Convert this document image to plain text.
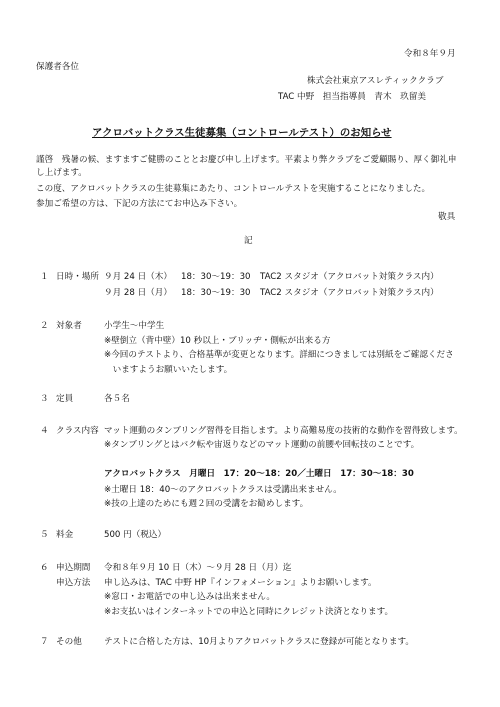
令和８年９月
保護者各位
株式会社東京アスレティッククラブ
TAC 中野　担当指導員　青木　玖留美
アクロバットクラス生徒募集（コントロールテスト）のお知らせ
謹啓　残暑の候、ますますご健勝のこととお慶び申し上げます。平素より弊クラブをご愛顧賜り、厚く御礼申
し上げます。
この度、アクロバットクラスの生徒募集にあたり、コントロールテストを実施することになりました。
参加ご希望の方は、下記の方法にてお申込み下さい。
敬具
記
１ 日時・場所 ９月 24 日（木） 18：30～19：30 TAC2 スタジオ（アクロバット対策クラス内）
９月 28 日（月） 18：30～19：30 TAC2 スタジオ（アクロバット対策クラス内）
２ 対象者	小学生～中学生
※壁倒立（背中壁）10 秒以上・ブリッヂ・側転が出来る方
※今回のテストより、合格基準が変更となります。詳細につきましては別紙をご確認くださ
　いますようお願いいたします。
３ 定員	各５名
４ クラス内容 マット運動のタンブリング習得を目指します。より高難易度の技術的な動作を習得致します。
※タンブリングとはバク転や宙返りなどのマット運動の前腰や回転技のことです。
アクロバットクラス　月曜日　17：20～18：20／土曜日　17：30～18：30
※土曜日 18：40～のアクロバットクラスは受講出来ません。
※技の上達のためにも週２回の受講をお勧めします。
５ 料金	500 円（税込）
６ 申込期間 令和８年９月 10 日（木）～９月 28 日（月）迄
申込方法 申し込みは、TAC 中野 HP『インフォメーション』よりお願いします。
※窓口・お電話での申し込みは出来ません。
※お支払いはインターネットでの申込と同時にクレジット決済となります。
７ その他	テストに合格した方は、10月よりアクロバットクラスに登録が可能となります。
